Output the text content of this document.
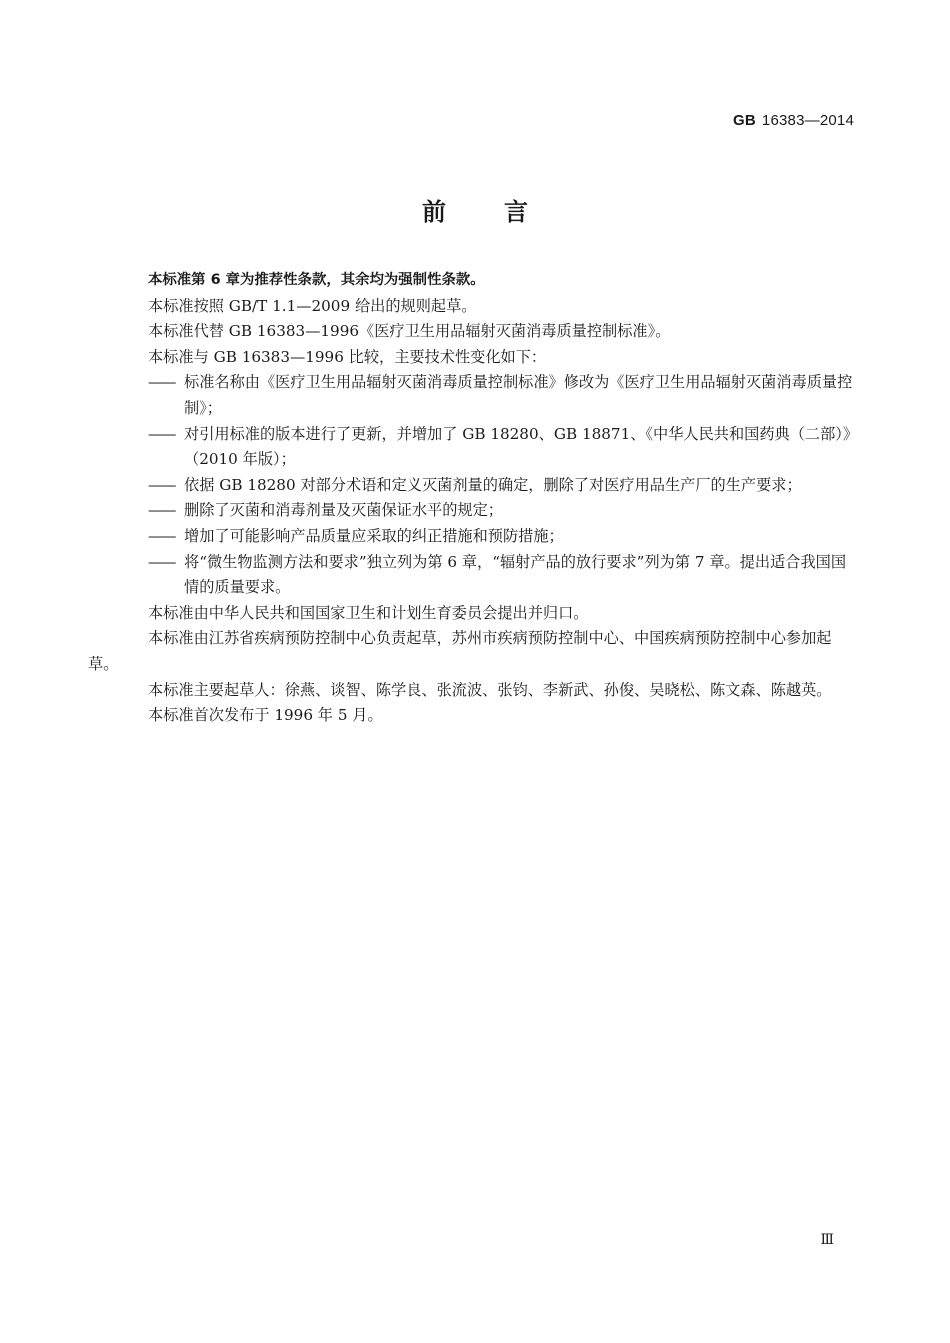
GB 16383—2014
前言

本标准第 6 章为推荐性条款，其余均为强制性条款。

本标准按照 GB/T 1.1—2009 给出的规则起草。

本标准代替 GB 16383—1996《医疗卫生用品辐射灭菌消毒质量控制标准》。

本标准与 GB 16383—1996 比较，主要技术性变化如下：

—— 标准名称由《医疗卫生用品辐射灭菌消毒质量控制标准》修改为《医疗卫生用品辐射灭菌消毒质量控制》；
—— 对引用标准的版本进行了更新，并增加了 GB 18280、GB 18871、《中华人民共和国药典（二部）》（2010 年版）；
—— 依据 GB 18280 对部分术语和定义灭菌剂量的确定，删除了对医疗用品生产厂的生产要求；
—— 删除了灭菌和消毒剂量及灭菌保证水平的规定；
—— 增加了可能影响产品质量应采取的纠正措施和预防措施；
—— 将“微生物监测方法和要求”独立列为第 6 章，“辐射产品的放行要求”列为第 7 章。提出适合我国国情的质量要求。

本标准由中华人民共和国国家卫生和计划生育委员会提出并归口。

本标准由江苏省疾病预防控制中心负责起草，苏州市疾病预防控制中心、中国疾病预防控制中心参加起草。

本标准主要起草人：徐燕、谈智、陈学良、张流波、张钧、李新武、孙俊、吴晓松、陈文森、陈越英。

本标准首次发布于 1996 年 5 月。

Ⅲ
